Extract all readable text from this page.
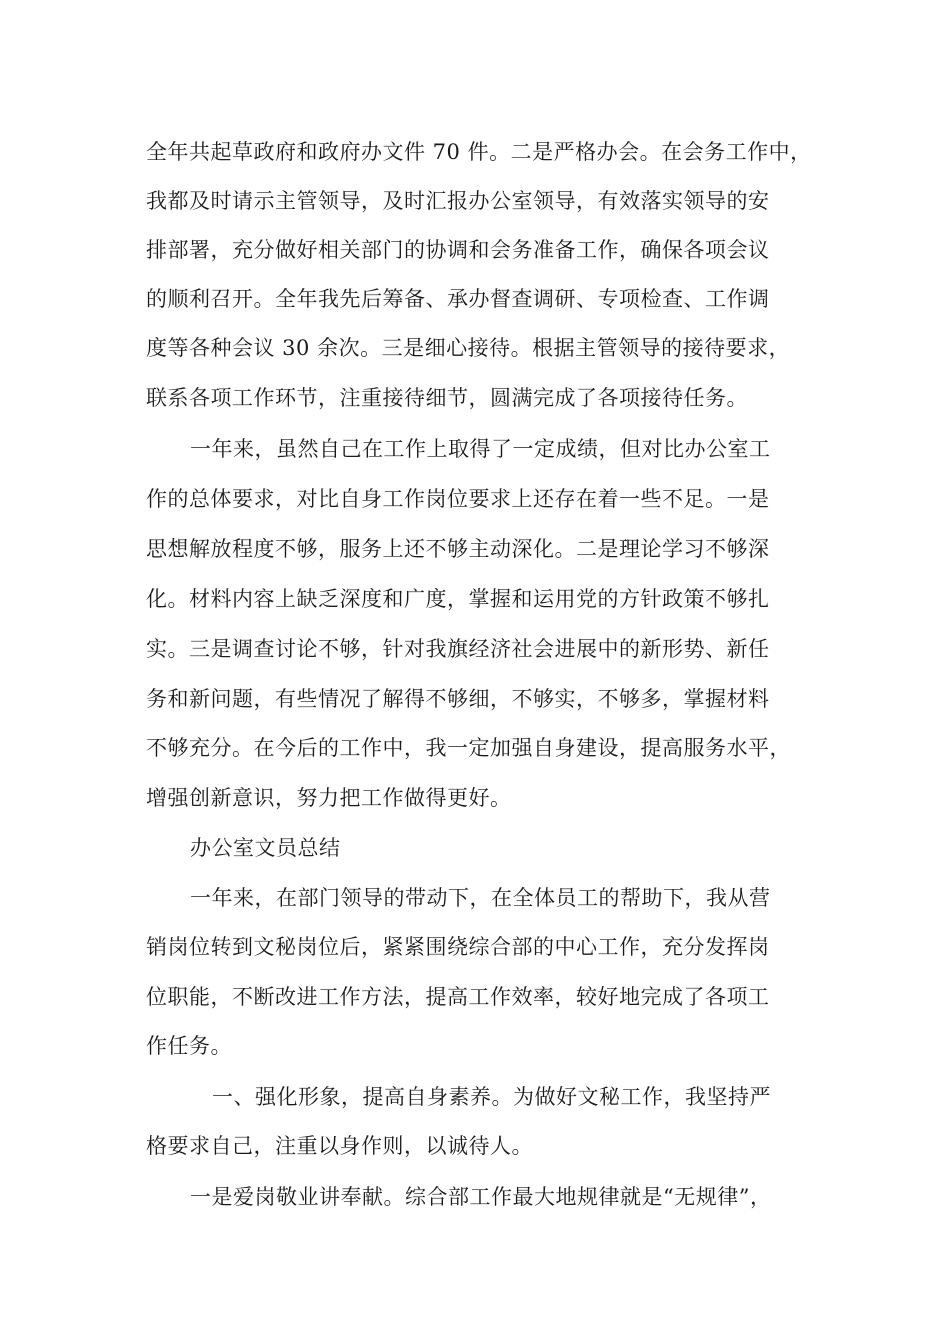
全年共起草政府和政府办文件 70 件。二是严格办会。在会务工作中，
我都及时请示主管领导，及时汇报办公室领导，有效落实领导的安
排部署，充分做好相关部门的协调和会务准备工作，确保各项会议
的顺利召开。全年我先后筹备、承办督查调研、专项检查、工作调
度等各种会议 30 余次。三是细心接待。根据主管领导的接待要求，
联系各项工作环节，注重接待细节，圆满完成了各项接待任务。
一年来，虽然自己在工作上取得了一定成绩，但对比办公室工
作的总体要求，对比自身工作岗位要求上还存在着一些不足。一是
思想解放程度不够，服务上还不够主动深化。二是理论学习不够深
化。材料内容上缺乏深度和广度，掌握和运用党的方针政策不够扎
实。三是调查讨论不够，针对我旗经济社会进展中的新形势、新任
务和新问题，有些情况了解得不够细，不够实，不够多，掌握材料
不够充分。在今后的工作中，我一定加强自身建设，提高服务水平，
增强创新意识，努力把工作做得更好。
办公室文员总结
一年来，在部门领导的带动下，在全体员工的帮助下，我从营
销岗位转到文秘岗位后，紧紧围绕综合部的中心工作，充分发挥岗
位职能，不断改进工作方法，提高工作效率，较好地完成了各项工
作任务。
一、强化形象，提高自身素养。为做好文秘工作，我坚持严
格要求自己，注重以身作则，以诚待人。
一是爱岗敬业讲奉献。综合部工作最大地规律就是“无规律”，
